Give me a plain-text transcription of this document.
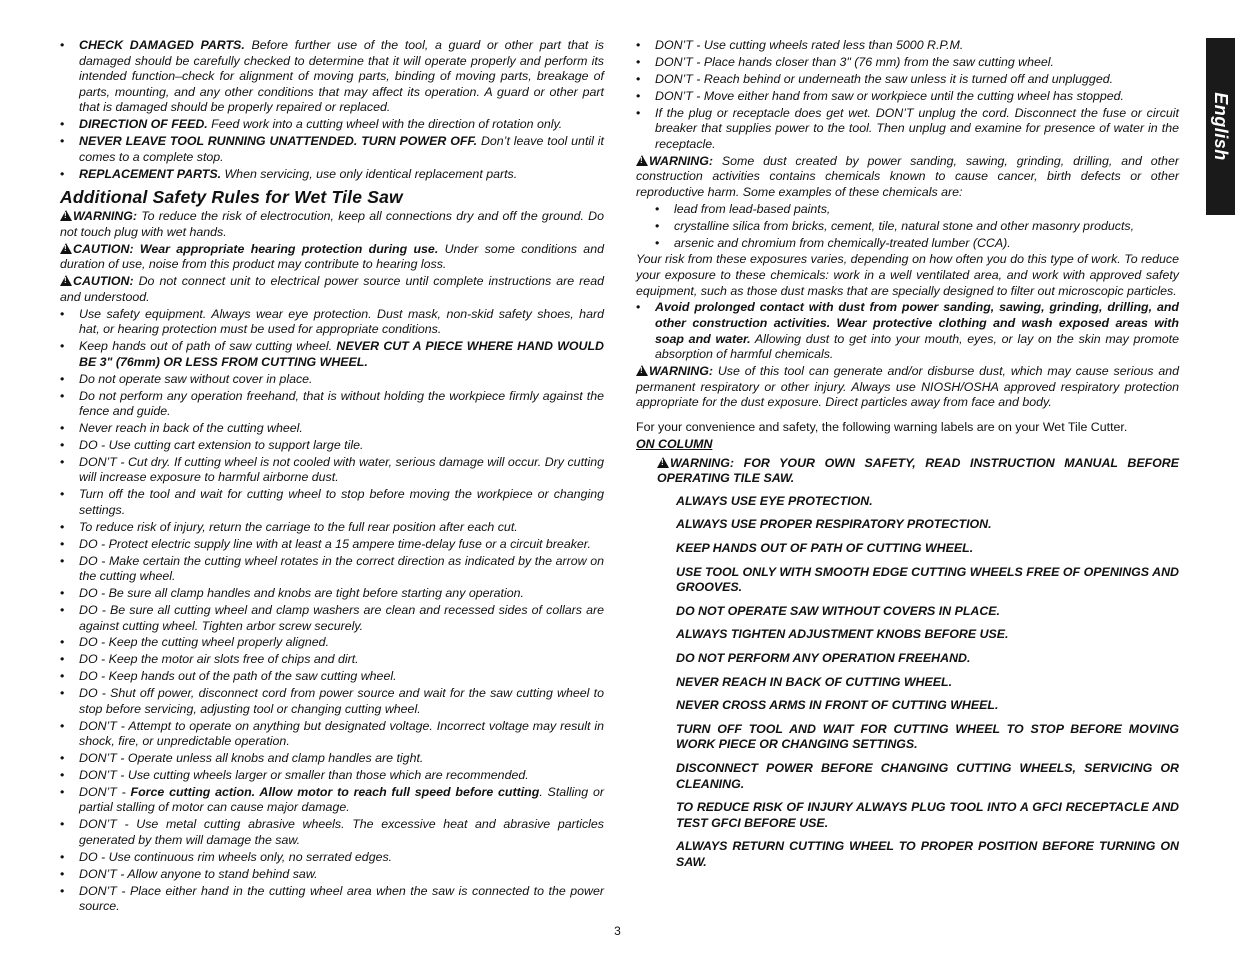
• CHECK DAMAGED PARTS. Before further use of the tool, a guard or other part that is damaged should be carefully checked to determine that it will operate properly and perform its intended function–check for alignment of moving parts, binding of moving parts, breakage of parts, mounting, and any other conditions that may affect its operation. A guard or other part that is damaged should be properly repaired or replaced.
• DIRECTION OF FEED. Feed work into a cutting wheel with the direction of rotation only.
• NEVER LEAVE TOOL RUNNING UNATTENDED. TURN POWER OFF. Don’t leave tool until it comes to a complete stop.
• REPLACEMENT PARTS. When servicing, use only identical replacement parts.
Additional Safety Rules for Wet Tile Saw

!WARNING: To reduce the risk of electrocution, keep all connections dry and off the ground. Do not touch plug with wet hands.

!CAUTION: Wear appropriate hearing protection during use. Under some conditions and duration of use, noise from this product may contribute to hearing loss.

!CAUTION: Do not connect unit to electrical power source until complete instructions are read and understood.

• Use safety equipment. Always wear eye protection. Dust mask, non-skid safety shoes, hard hat, or hearing protection must be used for appropriate conditions.
• Keep hands out of path of saw cutting wheel. NEVER CUT A PIECE WHERE HAND WOULD BE 3" (76mm) OR LESS FROM CUTTING WHEEL.
• Do not operate saw without cover in place.
• Do not perform any operation freehand, that is without holding the workpiece firmly against the fence and guide.
• Never reach in back of the cutting wheel.
• DO - Use cutting cart extension to support large tile.
• DON’T - Cut dry. If cutting wheel is not cooled with water, serious damage will occur. Dry cutting will increase exposure to harmful airborne dust.
• Turn off the tool and wait for cutting wheel to stop before moving the workpiece or changing settings.
• To reduce risk of injury, return the carriage to the full rear position after each cut.
• DO - Protect electric supply line with at least a 15 ampere time-delay fuse or a circuit breaker.
• DO - Make certain the cutting wheel rotates in the correct direction as indicated by the arrow on the cutting wheel.
• DO - Be sure all clamp handles and knobs are tight before starting any operation.
• DO - Be sure all cutting wheel and clamp washers are clean and recessed sides of collars are against cutting wheel. Tighten arbor screw securely.
• DO - Keep the cutting wheel properly aligned.
• DO - Keep the motor air slots free of chips and dirt.
• DO - Keep hands out of the path of the saw cutting wheel.
• DO - Shut off power, disconnect cord from power source and wait for the saw cutting wheel to stop before servicing, adjusting tool or changing cutting wheel.
• DON’T - Attempt to operate on anything but designated voltage. Incorrect voltage may result in shock, fire, or unpredictable operation.
• DON’T - Operate unless all knobs and clamp handles are tight.
• DON’T - Use cutting wheels larger or smaller than those which are recommended.
• DON’T - Force cutting action. Allow motor to reach full speed before cutting. Stalling or partial stalling of motor can cause major damage.
• DON’T - Use metal cutting abrasive wheels. The excessive heat and abrasive particles generated by them will damage the saw.
• DO - Use continuous rim wheels only, no serrated edges.
• DON’T - Allow anyone to stand behind saw.
• DON’T - Place either hand in the cutting wheel area when the saw is connected to the power source.
• DON’T - Use cutting wheels rated less than 5000 R.P.M.
• DON’T - Place hands closer than 3" (76 mm) from the saw cutting wheel.
• DON’T - Reach behind or underneath the saw unless it is turned off and unplugged.
• DON’T - Move either hand from saw or workpiece until the cutting wheel has stopped.
• If the plug or receptacle does get wet. DON’T unplug the cord. Disconnect the fuse or circuit breaker that supplies power to the tool. Then unplug and examine for presence of water in the receptacle.

!WARNING: Some dust created by power sanding, sawing, grinding, drilling, and other construction activities contains chemicals known to cause cancer, birth defects or other reproductive harm. Some examples of these chemicals are:

• lead from lead-based paints,
• crystalline silica from bricks, cement, tile, natural stone and other masonry products,
• arsenic and chromium from chemically-treated lumber (CCA).

Your risk from these exposures varies, depending on how often you do this type of work. To reduce your exposure to these chemicals: work in a well ventilated area, and work with approved safety equipment, such as those dust masks that are specially designed to filter out microscopic particles.

• Avoid prolonged contact with dust from power sanding, sawing, grinding, drilling, and other construction activities. Wear protective clothing and wash exposed areas with soap and water. Allowing dust to get into your mouth, eyes, or lay on the skin may promote absorption of harmful chemicals.

!WARNING: Use of this tool can generate and/or disburse dust, which may cause serious and permanent respiratory or other injury. Always use NIOSH/OSHA approved respiratory protection appropriate for the dust exposure. Direct particles away from face and body.

For your convenience and safety, the following warning labels are on your Wet Tile Cutter.

ON COLUMN
!WARNING: FOR YOUR OWN SAFETY, READ INSTRUCTION MANUAL BEFORE OPERATING TILE SAW.
ALWAYS USE EYE PROTECTION.
ALWAYS USE PROPER RESPIRATORY PROTECTION.
KEEP HANDS OUT OF PATH OF CUTTING WHEEL.
USE TOOL ONLY WITH SMOOTH EDGE CUTTING WHEELS FREE OF OPENINGS AND GROOVES.
DO NOT OPERATE SAW WITHOUT COVERS IN PLACE.
ALWAYS TIGHTEN ADJUSTMENT KNOBS BEFORE USE.
DO NOT PERFORM ANY OPERATION FREEHAND.
NEVER REACH IN BACK OF CUTTING WHEEL.
NEVER CROSS ARMS IN FRONT OF CUTTING WHEEL.
TURN OFF TOOL AND WAIT FOR CUTTING WHEEL TO STOP BEFORE MOVING WORK PIECE OR CHANGING SETTINGS.
DISCONNECT POWER BEFORE CHANGING CUTTING WHEELS, SERVICING OR CLEANING.
TO REDUCE RISK OF INJURY ALWAYS PLUG TOOL INTO A GFCI RECEPTACLE AND TEST GFCI BEFORE USE.
ALWAYS RETURN CUTTING WHEEL TO PROPER POSITION BEFORE TURNING ON SAW.
English
3
